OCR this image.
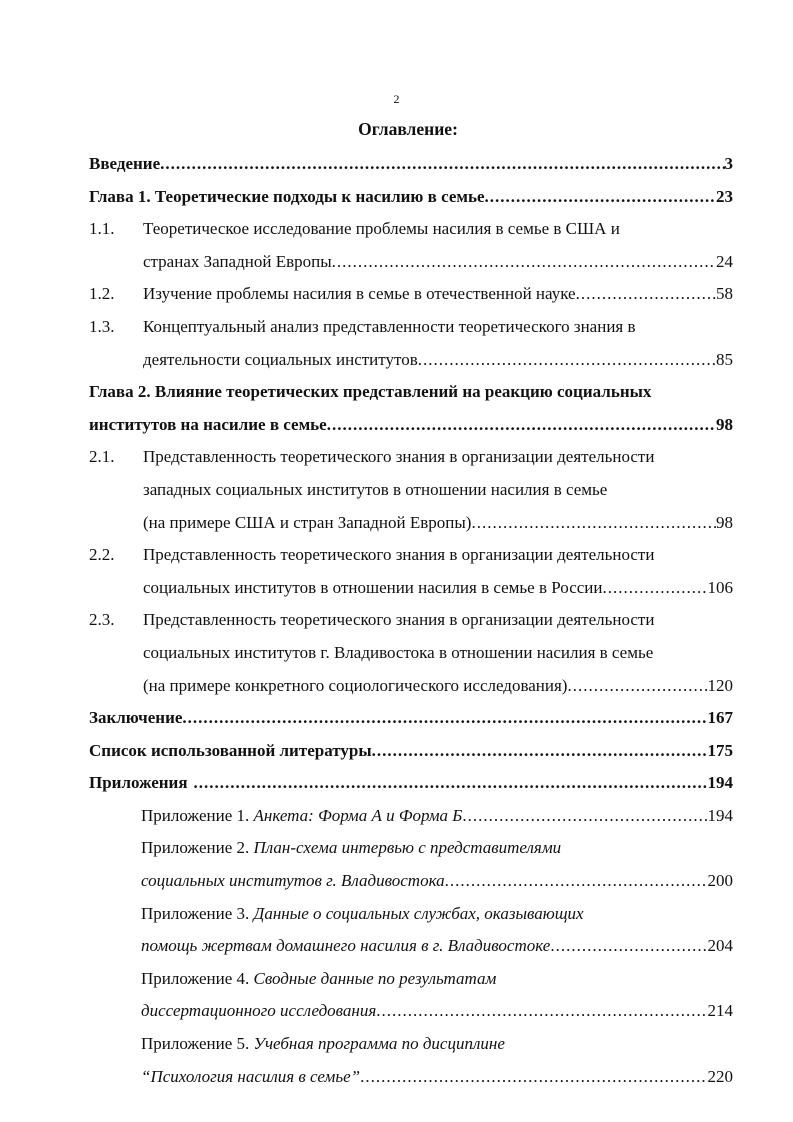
2
Оглавление:
Введение .....	3
Глава 1. Теоретические подходы к насилию в семье .....	23
1.1.	Теоретическое исследование проблемы насилия в семье в США и
странах Западной Европы .....	24
1.2. Изучение проблемы насилия в семье в отечественной науке .....	58
1.3.	Концептуальный анализ представленности теоретического знания в
деятельности социальных институтов .....	85
Глава 2. Влияние теоретических представлений на реакцию социальных
институтов на насилие в семье .....	98
2.1.	Представленность теоретического знания в организации деятельности
западных социальных институтов в отношении насилия в семье
(на примере США и стран Западной Европы) .....	98
2.2.	Представленность теоретического знания в организации деятельности
социальных институтов в отношении насилия в семье в России .....	106
2.3.	Представленность теоретического знания в организации деятельности
социальных институтов г. Владивостока в отношении насилия в семье
(на примере конкретного социологического исследования) .....	120
Заключение .....	167
Список использованной литературы .....	175
Приложения .....	194
Приложение 1. Анкета: Форма А и Форма Б .....	194
Приложение 2. План-схема интервью с представителями
социальных институтов г. Владивостока .....	200
Приложение 3. Данные о социальных службах, оказывающих
помощь жертвам домашнего насилия в г. Владивостоке .....	204
Приложение 4. Сводные данные по результатам
диссертационного исследования .....	214
Приложение 5. Учебная программа по дисциплине
“Психология насилия в семье” .....	220
